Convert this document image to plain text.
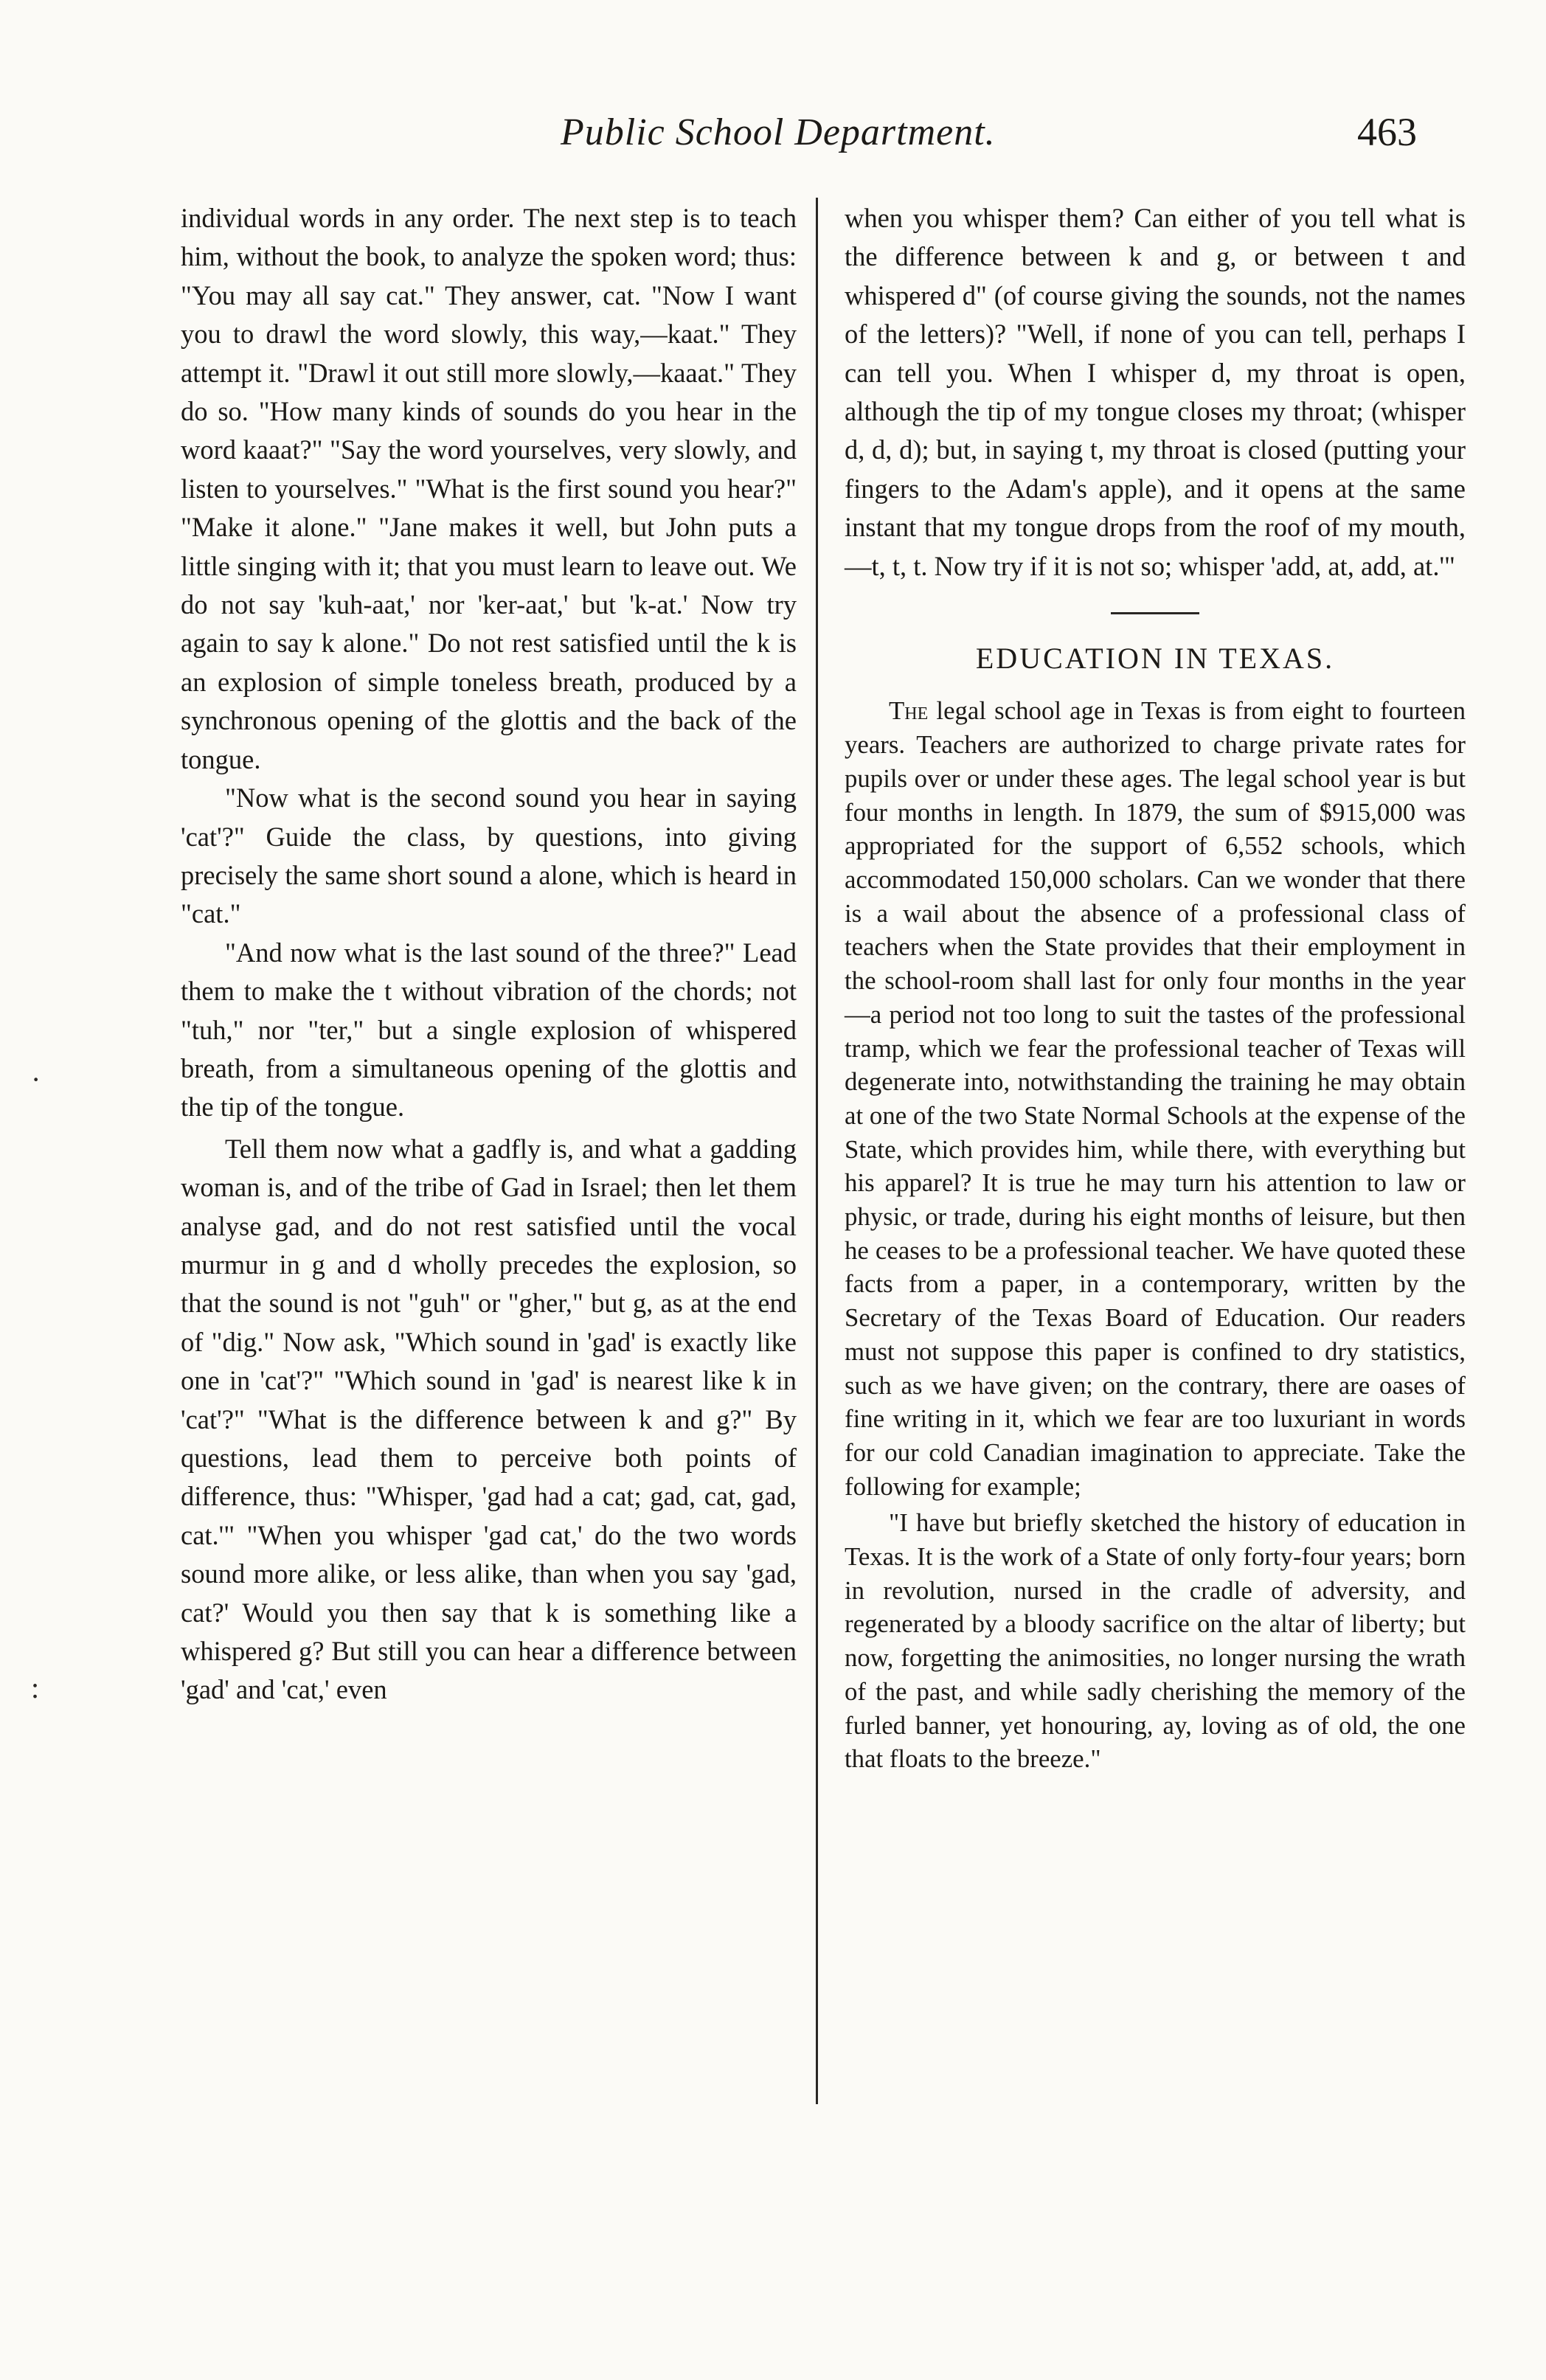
Public School Department.	463
·
:

individual words in any order. The next step is to teach him, without the book, to analyze the spoken word; thus: "You may all say cat." They answer, cat. "Now I want you to drawl the word slowly, this way,—kaat." They attempt it. "Drawl it out still more slowly,—kaaat." They do so. "How many kinds of sounds do you hear in the word kaaat?" "Say the word yourselves, very slowly, and listen to yourselves." "What is the first sound you hear?" "Make it alone." "Jane makes it well, but John puts a little singing with it; that you must learn to leave out. We do not say 'kuh-aat,' nor 'ker-aat,' but 'k-at.' Now try again to say k alone." Do not rest satisfied until the k is an explosion of simple toneless breath, produced by a synchronous opening of the glottis and the back of the tongue.

"Now what is the second sound you hear in saying 'cat'?" Guide the class, by questions, into giving precisely the same short sound a alone, which is heard in "cat."

"And now what is the last sound of the three?" Lead them to make the t without vibration of the chords; not "tuh," nor "ter," but a single explosion of whispered breath, from a simultaneous opening of the glottis and the tip of the tongue.

Tell them now what a gadfly is, and what a gadding woman is, and of the tribe of Gad in Israel; then let them analyse gad, and do not rest satisfied until the vocal murmur in g and d wholly precedes the explosion, so that the sound is not "guh" or "gher," but g, as at the end of "dig." Now ask, "Which sound in 'gad' is exactly like one in 'cat'?" "Which sound in 'gad' is nearest like k in 'cat'?" "What is the difference between k and g?" By questions, lead them to perceive both points of difference, thus: "Whisper, 'gad had a cat; gad, cat, gad, cat.'" "When you whisper 'gad cat,' do the two words sound more alike, or less alike, than when you say 'gad, cat?' Would you then say that k is something like a whispered g? But still you can hear a difference between 'gad' and 'cat,' even

when you whisper them? Can either of you tell what is the difference between k and g, or between t and whispered d" (of course giving the sounds, not the names of the letters)? "Well, if none of you can tell, perhaps I can tell you. When I whisper d, my throat is open, although the tip of my tongue closes my throat; (whisper d, d, d); but, in saying t, my throat is closed (putting your fingers to the Adam's apple), and it opens at the same instant that my tongue drops from the roof of my mouth,—t, t, t. Now try if it is not so; whisper 'add, at, add, at.'"

EDUCATION IN TEXAS.

The legal school age in Texas is from eight to fourteen years. Teachers are authorized to charge private rates for pupils over or under these ages. The legal school year is but four months in length. In 1879, the sum of $915,000 was appropriated for the support of 6,552 schools, which accommodated 150,000 scholars. Can we wonder that there is a wail about the absence of a professional class of teachers when the State provides that their employment in the school-room shall last for only four months in the year—a period not too long to suit the tastes of the professional tramp, which we fear the professional teacher of Texas will degenerate into, notwithstanding the training he may obtain at one of the two State Normal Schools at the expense of the State, which provides him, while there, with everything but his apparel? It is true he may turn his attention to law or physic, or trade, during his eight months of leisure, but then he ceases to be a professional teacher. We have quoted these facts from a paper, in a contemporary, written by the Secretary of the Texas Board of Education. Our readers must not suppose this paper is confined to dry statistics, such as we have given; on the contrary, there are oases of fine writing in it, which we fear are too luxuriant in words for our cold Canadian imagination to appreciate. Take the following for example;

"I have but briefly sketched the history of education in Texas. It is the work of a State of only forty-four years; born in revolution, nursed in the cradle of adversity, and regenerated by a bloody sacrifice on the altar of liberty; but now, forgetting the animosities, no longer nursing the wrath of the past, and while sadly cherishing the memory of the furled banner, yet honouring, ay, loving as of old, the one that floats to the breeze."
